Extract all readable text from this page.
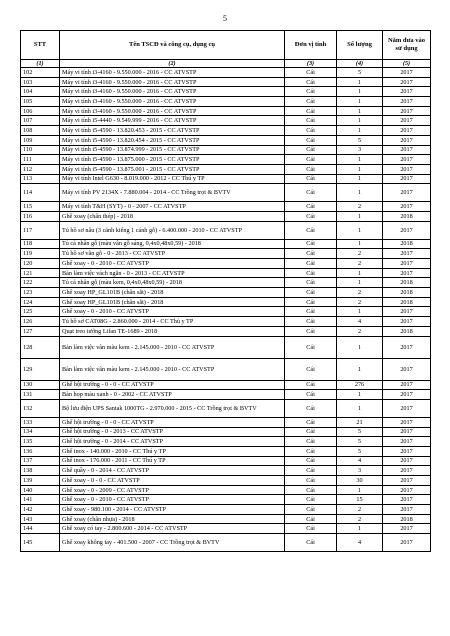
5
STT	Tên TSCĐ và công cụ, dụng cụ	Đơn vị tính	Số lượng	Năm đưa vào sử dụng
(1)	(2)	(3)	(4)	(5)
102	Máy vi tính i3-4160 - 9.550.000 - 2016 - CC ATVSTP	Cái	5	2017
103	Máy vi tính i3-4160 - 9.550.000 - 2016 - CC ATVSTP	Cái	1	2017
104	Máy vi tính i3-4160 - 9.550.000 - 2016 - CC ATVSTP	Cái	1	2017
105	Máy vi tính i3-4160 - 9.550.000 - 2016 - CC ATVSTP	Cái	1	2017
106	Máy vi tính i3-4160 - 9.550.000 - 2016 - CC ATVSTP	Cái	1	2017
107	Máy vi tính i5-4440 - 9.549.999 - 2016 - CC ATVSTP	Cái	1	2017
108	Máy vi tính i5-4590 - 13.820.453 - 2015 - CC ATVSTP	Cái	1	2017
109	Máy vi tính i5-4590 - 13.820.454 - 2015 - CC ATVSTP	Cái	5	2017
110	Máy vi tính i5-4590 - 13.874.999 - 2015 - CC ATVSTP	Cái	3	2017
111	Máy vi tính i5-4590 - 13.875.000 - 2015 - CC ATVSTP	Cái	1	2017
112	Máy vi tính i5-4590 - 13.875.001 - 2015 - CC ATVSTP	Cái	1	2017
113	Máy vi tính Intel G630 - 8.019.000 - 2012 - CC Thú y TP	Cái	1	2017
114	Máy vi tính PV 2134X - 7.880.004 - 2014 - CC Trồng trọt & BVTV	Cái	1	2017
115	Máy vi tính T&H (SYT) - 0 - 2007 - CC ATVSTP	Cái	2	2017
116	Ghế xoay (chân thép) - 2018	Cái	1	2018
117	Tủ hồ sơ nâu (3 cánh kiếng 1 cánh gỗ) - 6.400.000 - 2010 - CC ATVSTP	Cái	1	2017
118	Tủ cá nhân gỗ (màu vân gỗ sáng, 0,4x0,48x0,59) - 2018	Cái	1	2018
119	Tủ hồ sơ vân gỗ - 0 - 2013 - CC ATVSTP	Cái	2	2017
120	Ghế xoay - 0 - 2010 - CC ATVSTP	Cái	2	2017
121	Bàn làm việc vách ngăn - 0 - 2013 - CC ATVSTP	Cái	1	2017
122	Tủ cá nhân gỗ (màu kem, 0,4x0,48x0,59) - 2018	Cái	1	2018
123	Ghế xoay HP_GL101B (chân sắt) - 2018	Cái	2	2018
124	Ghế xoay HP_GL101B (chân sắt) - 2018	Cái	2	2018
125	Ghế xoay - 0 - 2010 - CC ATVSTP	Cái	1	2017
126	Tủ hồ sơ CAT08G - 2.860.000 - 2014 - CC Thú y TP	Cái	4	2017
127	Quạt treo tường Lifan TE-1689 - 2018	Cái	2	2018
128	Bàn làm việc vân màu kem - 2.145.000 - 2010 - CC ATVSTP	Cái	1	2017
129	Bàn làm việc vân màu kem - 2.145.000 - 2010 - CC ATVSTP	Cái	1	2017
130	Ghế hội trường - 0 - 0 - CC ATVSTP	Cái	276	2017
131	Bàn họp màu xanh - 0 - 2002 - CC ATVSTP	Cái	1	2017
132	Bộ lưu điện UPS Santak 1000TG - 2.970.000 - 2015 - CC Trồng trọt & BVTV	Cái	1	2017
133	Ghế hội trường - 0 - 0 - CC ATVSTP	Cái	21	2017
134	Ghế hội trường - 0 - 2013 - CC ATVSTP	Cái	5	2017
135	Ghế hội trường - 0 - 2014 - CC ATVSTP	Cái	5	2017
136	Ghế inox - 140.000 - 2010 - CC Thú y TP	Cái	5	2017
137	Ghế inox - 176.000 - 2011 - CC Thú y TP	Cái	4	2017
138	Ghế quầy - 0 - 2014 - CC ATVSTP	Cái	3	2017
139	Ghế xoay - 0 - 0 - CC ATVSTP	Cái	30	2017
140	Ghế xoay - 0 - 2009 - CC ATVSTP	Cái	1	2017
141	Ghế xoay - 0 - 2010 - CC ATVSTP	Cái	15	2017
142	Ghế xoay - 980.100 - 2014 - CC ATVSTP	Cái	2	2017
143	Ghế xoay (chân nhựa) - 2018	Cái	2	2018
144	Ghế xoay có tay - 2.800.600 - 2014 - CC ATVSTP	Cái	1	2017
145	Ghế xoay không tay - 401.500 - 2007 - CC Trồng trọt & BVTV	Cái	4	2017
